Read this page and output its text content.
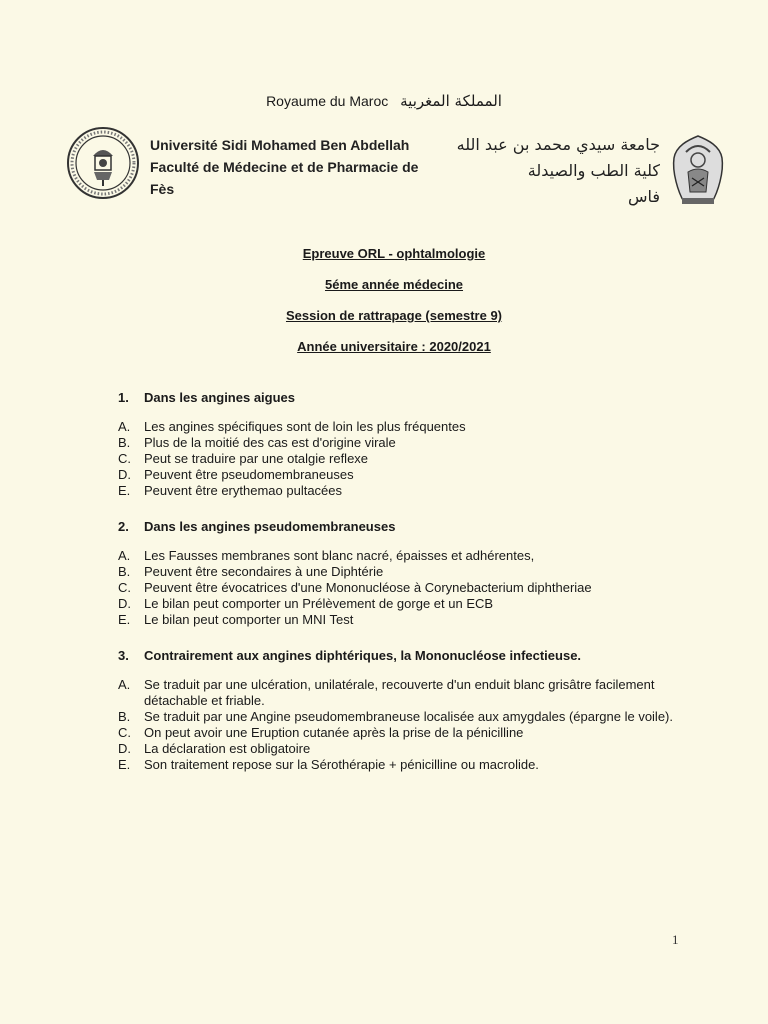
Royaume du Maroc المملكة المغربية
Université Sidi Mohamed Ben Abdellah
Faculté de Médecine et de Pharmacie de
Fès
جامعة سيدي محمد بن عبد الله
كلية الطب والصيدلة
فاس
Epreuve ORL - ophtalmologie
5éme année médecine
Session de rattrapage (semestre 9)
Année universitaire : 2020/2021
1.	Dans les angines aigues
A.	Les angines spécifiques sont de loin les plus fréquentes
B.	Plus de la moitié des cas est d'origine virale
C.	Peut se traduire par une otalgie reflexe
D.	Peuvent être pseudomembraneuses
E.	Peuvent être erythemao pultacées
2.	Dans les angines pseudomembraneuses
A.	Les Fausses membranes sont blanc nacré, épaisses et adhérentes,
B.	Peuvent être secondaires à une Diphtérie
C.	Peuvent être évocatrices d'une Mononucléose à Corynebacterium diphtheriae
D.	Le bilan peut comporter un Prélèvement de gorge et un ECB
E.	Le bilan peut comporter un MNI Test
3.	Contrairement aux angines diphtériques, la Mononucléose infectieuse.
A.	Se traduit par une ulcération, unilatérale, recouverte d'un enduit blanc grisâtre facilement détachable et friable.
B.	Se traduit par une Angine pseudomembraneuse localisée aux amygdales (épargne le voile).
C.	On peut avoir une Eruption cutanée après la prise de la pénicilline
D.	La déclaration est obligatoire
E.	Son traitement repose sur la Sérothérapie + pénicilline ou macrolide.
1
